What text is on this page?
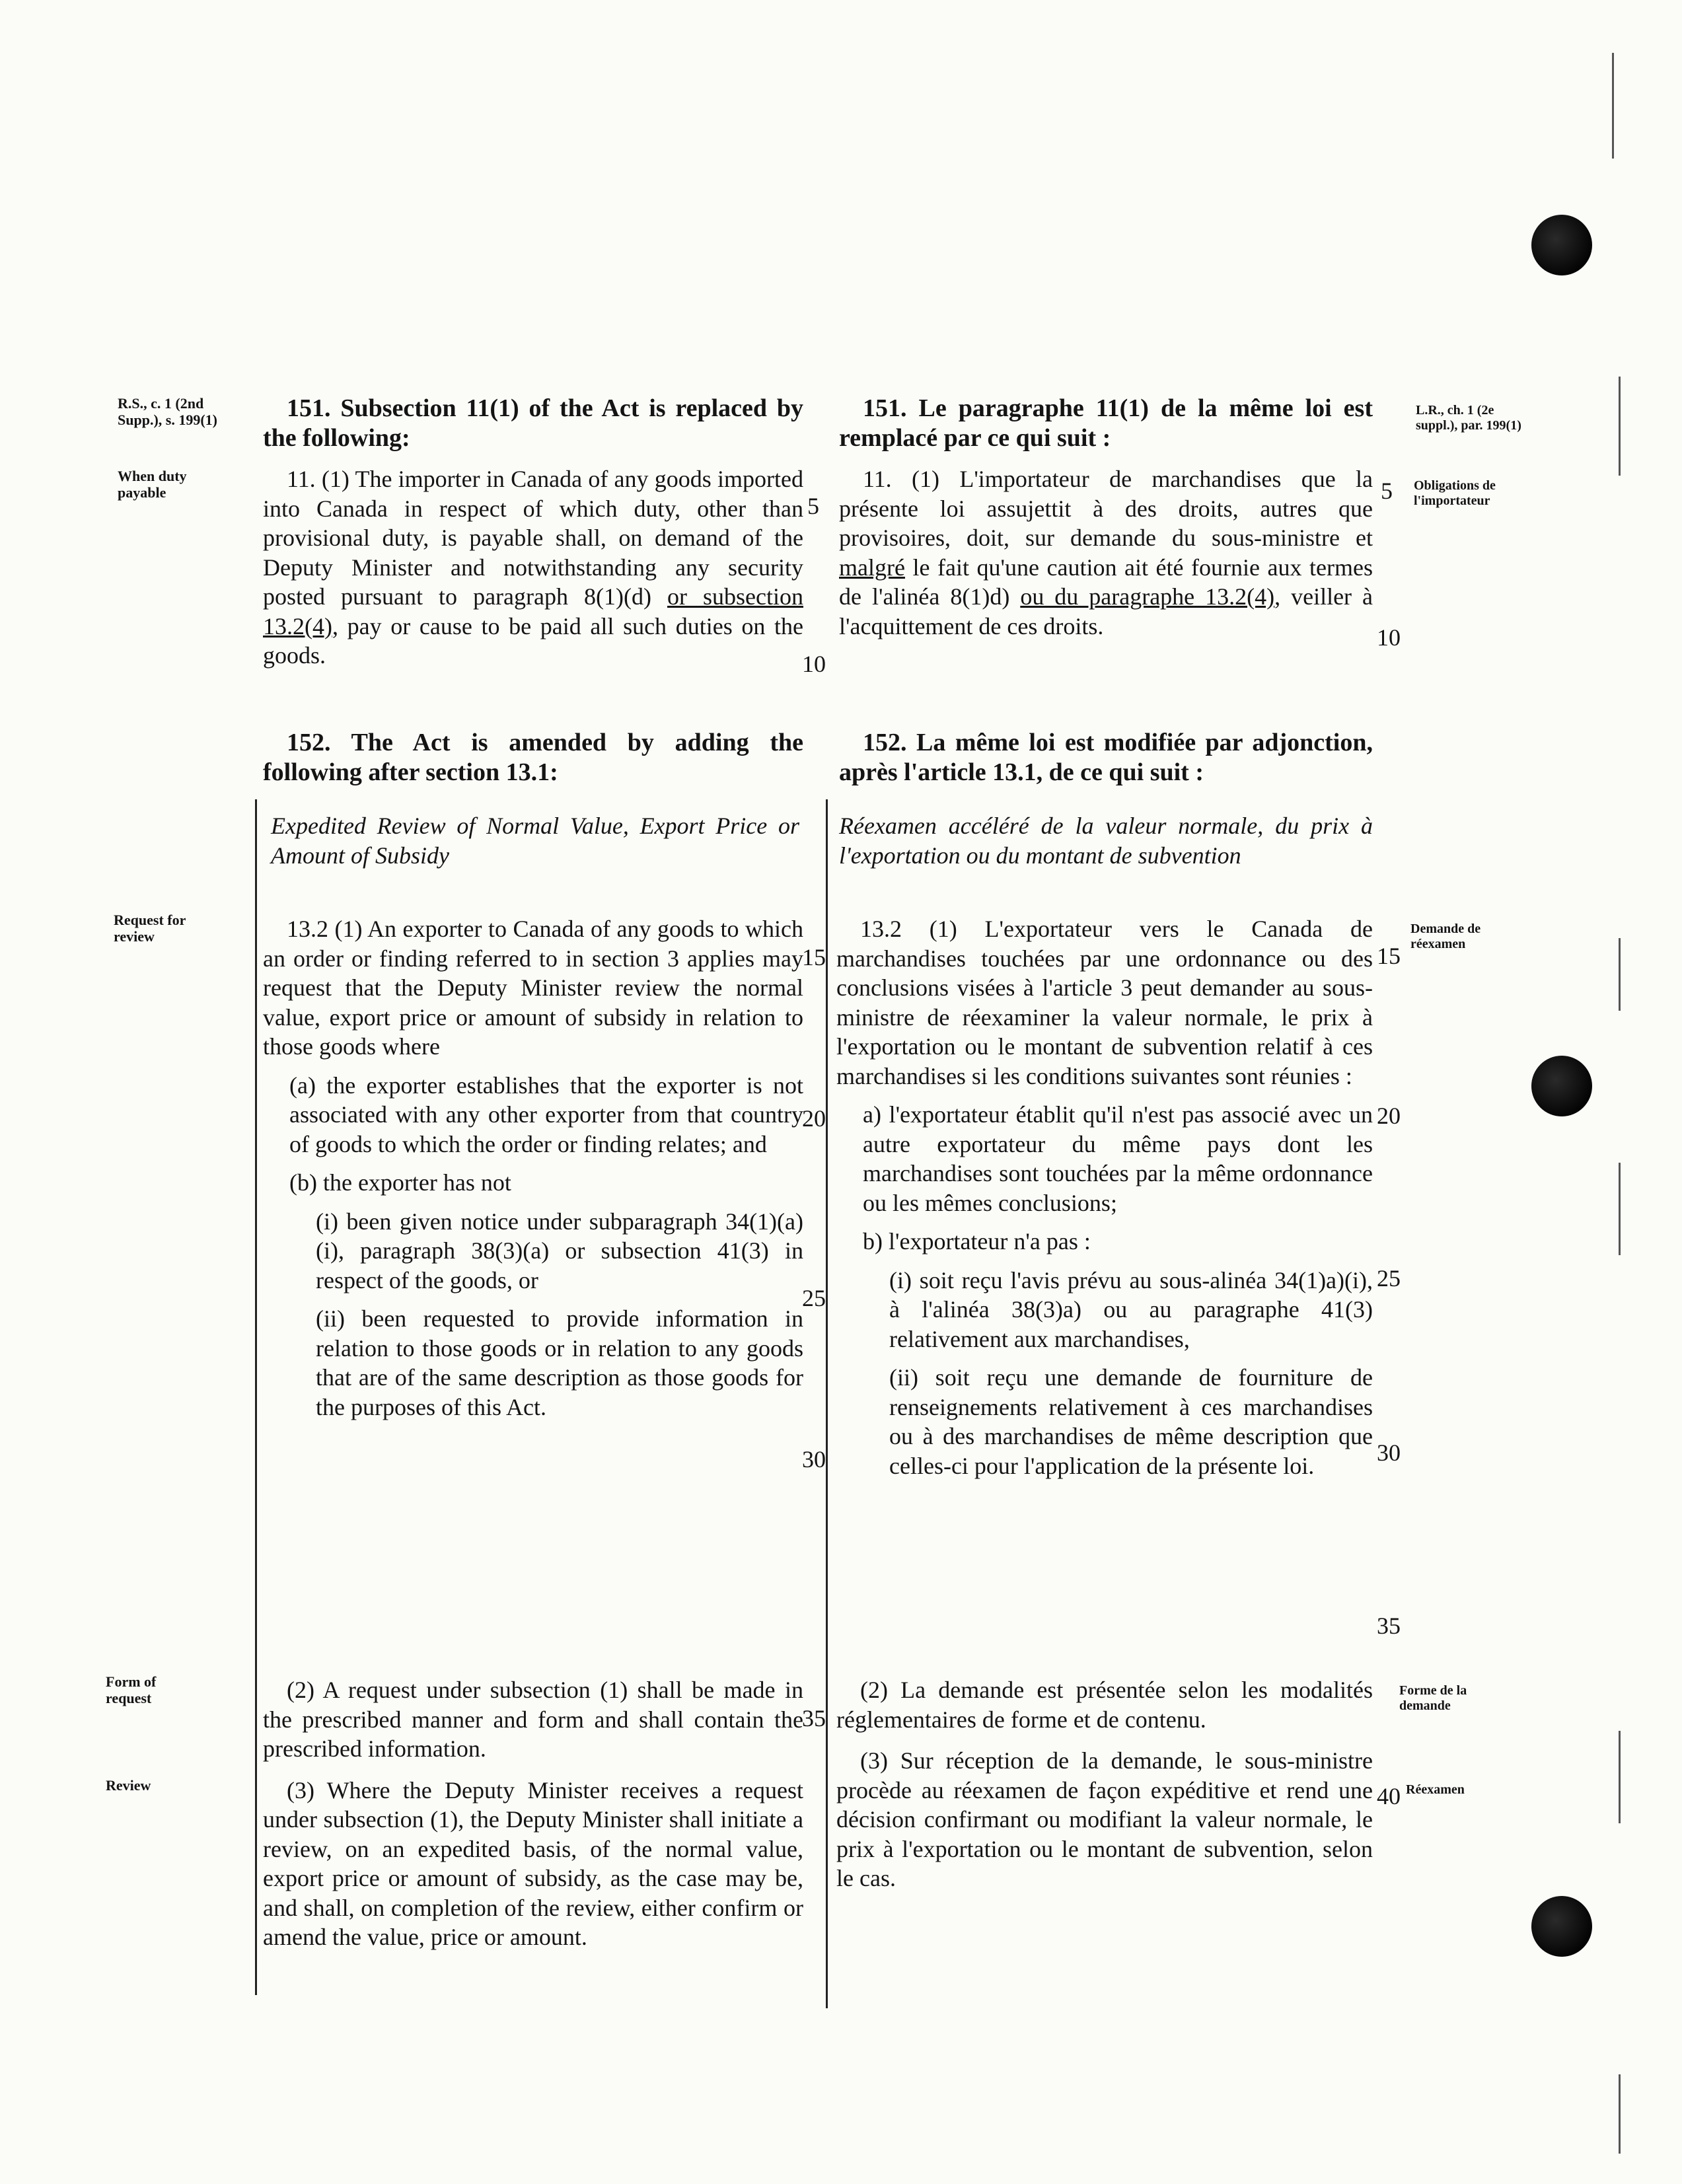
R.S., c. 1 (2nd Supp.), s. 199(1)
When duty payable
Request for review
Form of request
Review
L.R., ch. 1 (2e suppl.), par. 199(1)
Obligations de l'importateur
Demande de réexamen
Forme de la demande
Réexamen

151. Subsection 11(1) of the Act is replaced by the following:

11. (1) The importer in Canada of any goods imported into Canada in respect of which duty, other than provisional duty, is payable shall, on demand of the Deputy Minister and notwithstanding any security posted pursuant to paragraph 8(1)(d) or subsection 13.2(4), pay or cause to be paid all such duties on the goods.

152. The Act is amended by adding the following after section 13.1:

Expedited Review of Normal Value, Export Price or Amount of Subsidy

13.2 (1) An exporter to Canada of any goods to which an order or finding referred to in section 3 applies may request that the Deputy Minister review the normal value, export price or amount of subsidy in relation to those goods where

(a) the exporter establishes that the exporter is not associated with any other exporter from that country of goods to which the order or finding relates; and

(b) the exporter has not

(i) been given notice under subparagraph 34(1)(a)(i), paragraph 38(3)(a) or subsection 41(3) in respect of the goods, or

(ii) been requested to provide information in relation to those goods or in relation to any goods that are of the same description as those goods for the purposes of this Act.

(2) A request under subsection (1) shall be made in the prescribed manner and form and shall contain the prescribed information.

(3) Where the Deputy Minister receives a request under subsection (1), the Deputy Minister shall initiate a review, on an expedited basis, of the normal value, export price or amount of subsidy, as the case may be, and shall, on completion of the review, either confirm or amend the value, price or amount.

151. Le paragraphe 11(1) de la même loi est remplacé par ce qui suit :

11. (1) L'importateur de marchandises que la présente loi assujettit à des droits, autres que provisoires, doit, sur demande du sous-ministre et malgré le fait qu'une caution ait été fournie aux termes de l'alinéa 8(1)d) ou du paragraphe 13.2(4), veiller à l'acquittement de ces droits.

152. La même loi est modifiée par adjonction, après l'article 13.1, de ce qui suit :

Réexamen accéléré de la valeur normale, du prix à l'exportation ou du montant de subvention

13.2 (1) L'exportateur vers le Canada de marchandises touchées par une ordonnance ou des conclusions visées à l'article 3 peut demander au sous-ministre de réexaminer la valeur normale, le prix à l'exportation ou le montant de subvention relatif à ces marchandises si les conditions suivantes sont réunies :

a) l'exportateur établit qu'il n'est pas associé avec un autre exportateur du même pays dont les marchandises sont touchées par la même ordonnance ou les mêmes conclusions;

b) l'exportateur n'a pas :

(i) soit reçu l'avis prévu au sous-alinéa 34(1)a)(i), à l'alinéa 38(3)a) ou au paragraphe 41(3) relativement aux marchandises,

(ii) soit reçu une demande de fourniture de renseignements relativement à ces marchandises ou à des marchandises de même description que celles-ci pour l'application de la présente loi.

(2) La demande est présentée selon les modalités réglementaires de forme et de contenu.

(3) Sur réception de la demande, le sous-ministre procède au réexamen de façon expéditive et rend une décision confirmant ou modifiant la valeur normale, le prix à l'exportation ou le montant de subvention, selon le cas.

5
10
15
20
25
30
35
5
10
15
20
25
30
35
40
